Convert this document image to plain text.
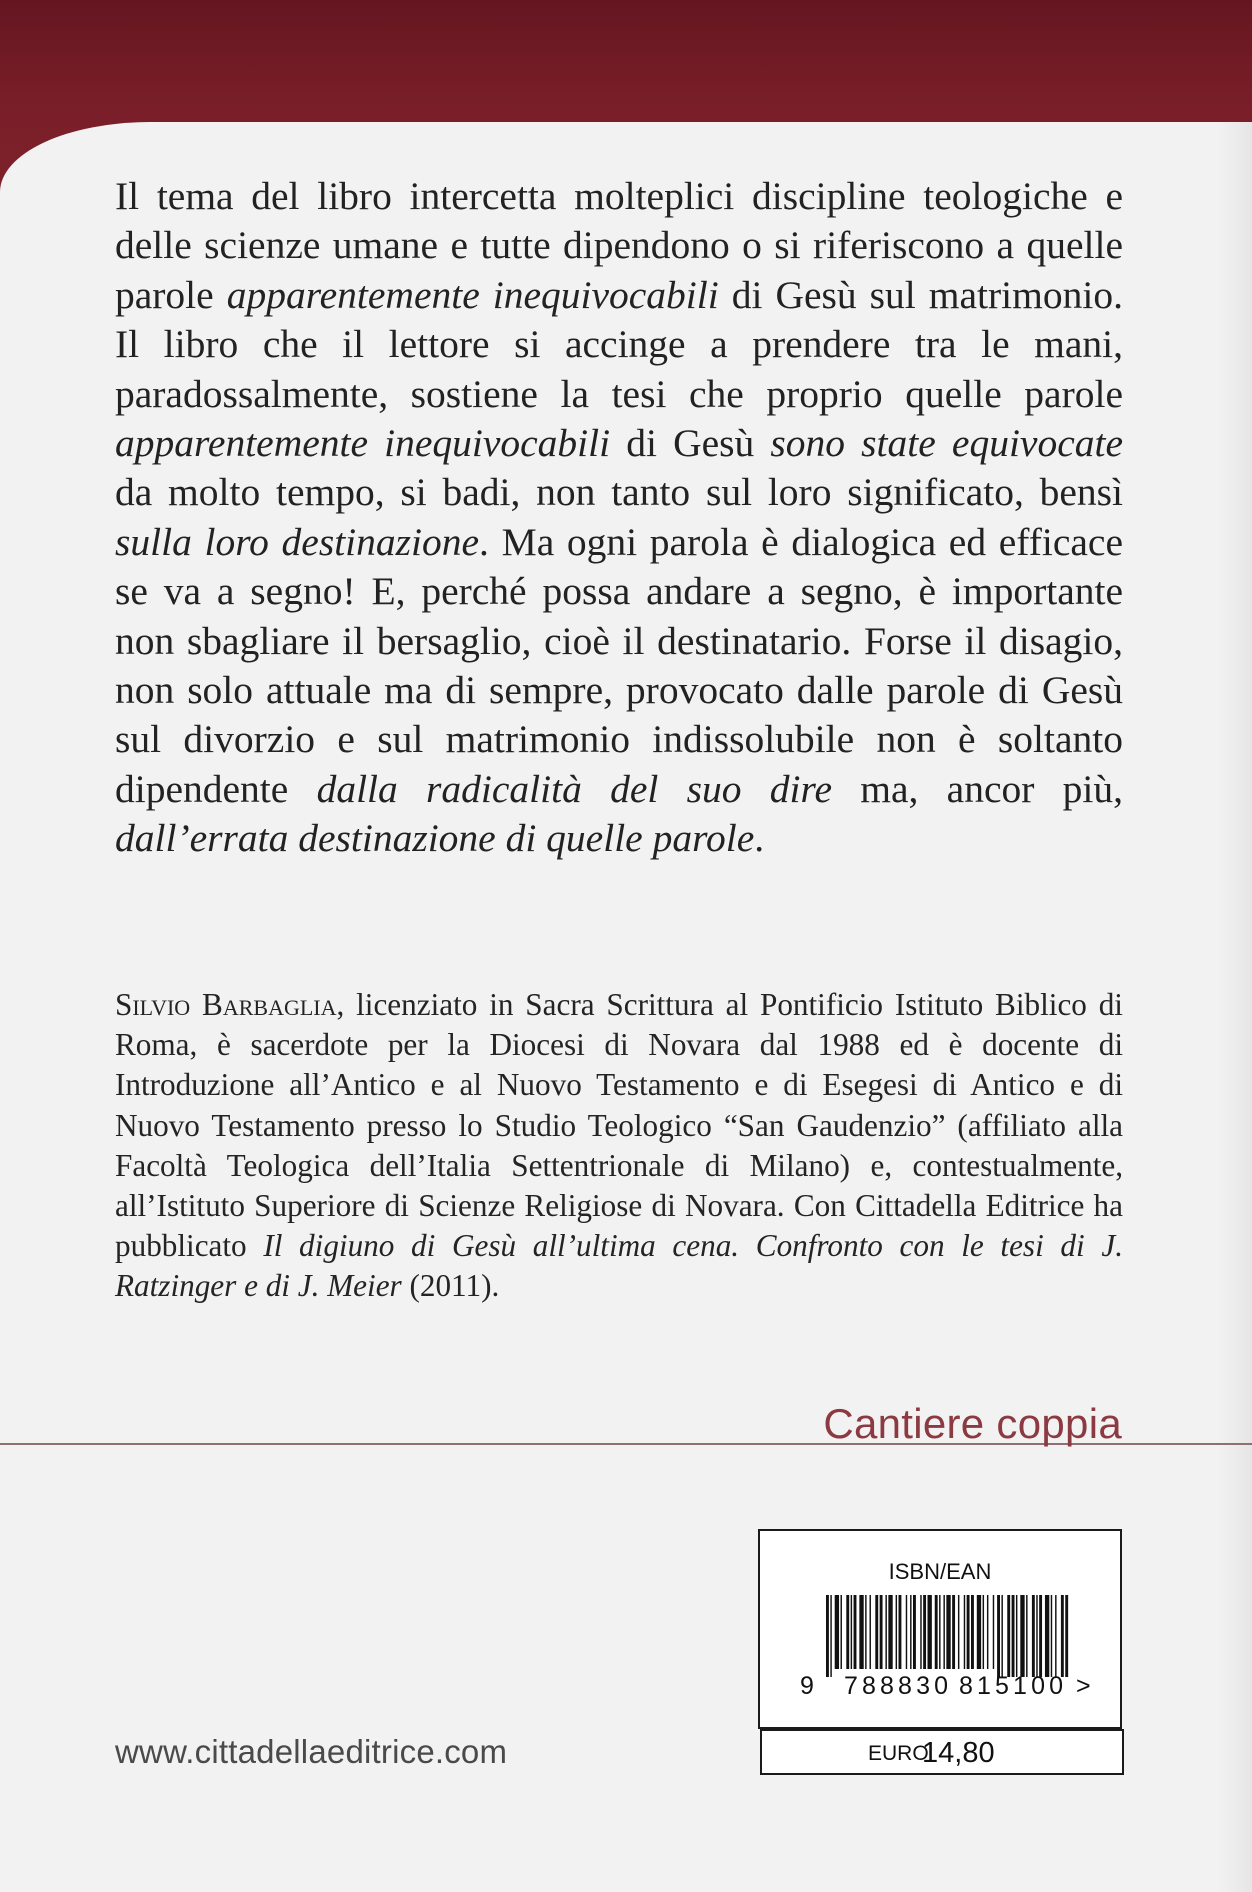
Il tema del libro intercetta molteplici discipline teologiche e delle scienze umane e tutte dipendono o si riferiscono a quelle parole apparentemente inequivocabili di Gesù sul matrimonio. Il libro che il lettore si accinge a prendere tra le mani, paradossalmente, sostiene la tesi che proprio quelle parole apparentemente inequivocabili di Gesù sono state equivocate da molto tempo, si badi, non tanto sul loro significato, bensì sulla loro destinazione. Ma ogni parola è dialogica ed efficace se va a segno! E, perché possa andare a segno, è importante non sbagliare il bersaglio, cioè il destinatario. Forse il disagio, non solo attuale ma di sempre, provocato dalle parole di Gesù sul divorzio e sul matrimonio indissolubile non è soltanto dipendente dalla radicalità del suo dire ma, ancor più, dall’errata destinazione di quelle parole.

Silvio Barbaglia, licenziato in Sacra Scrittura al Pontificio Istituto Biblico di Roma, è sacerdote per la Diocesi di Novara dal 1988 ed è docente di Introduzione all’Antico e al Nuovo Testamento e di Esegesi di Antico e di Nuovo Testamento presso lo Studio Teologico “San Gaudenzio” (affiliato alla Facoltà Teologica dell’Italia Settentrionale di Milano) e, contestualmente, all’Istituto Superiore di Scienze Religiose di Novara. Con Cittadella Editrice ha pubblicato Il digiuno di Gesù all’ultima cena. Confronto con le tesi di J. Ratzinger e di J. Meier (2011).

Cantiere coppia
ISBN/EAN
9 788830 815100 >
EURO
14,80
www.cittadellaeditrice.com
